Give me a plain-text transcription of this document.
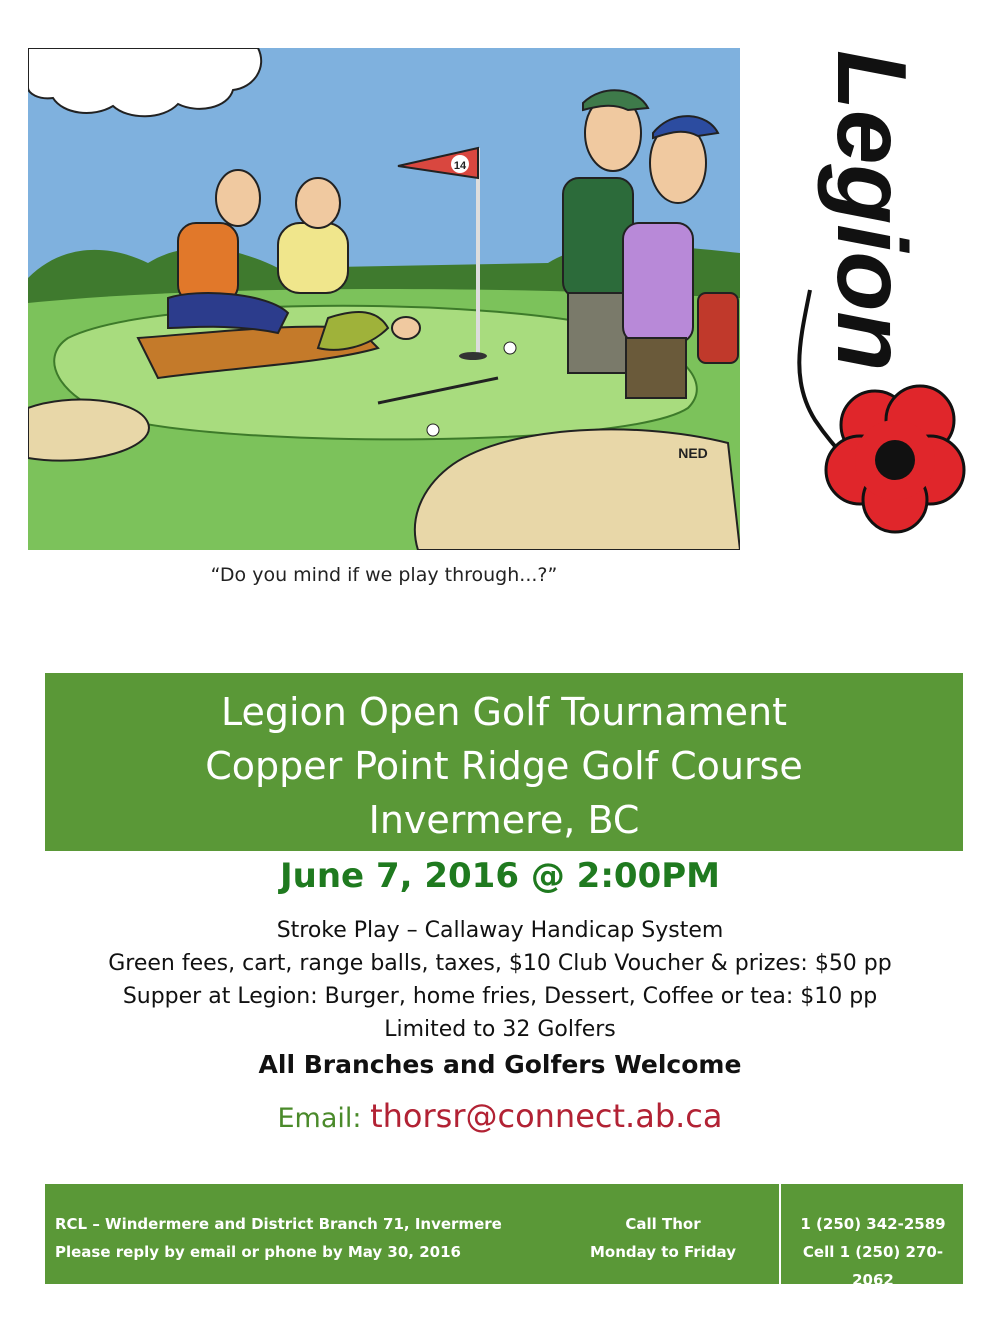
14
NED
“Do you mind if we play through...?”
Legion
Legion Open Golf Tournament
Copper Point Ridge Golf Course
Invermere, BC
June 7, 2016 @ 2:00PM
Stroke Play – Callaway Handicap System
Green fees, cart, range balls, taxes, $10 Club Voucher & prizes: $50 pp
Supper at Legion: Burger, home fries, Dessert, Coffee or tea: $10 pp
Limited to 32 Golfers
All Branches and Golfers Welcome
Email: thorsr@connect.ab.ca
RCL – Windermere and District Branch 71, Invermere
Please reply by email or phone by May 30, 2016
Call Thor
Monday to Friday
1 (250) 342-2589
Cell 1 (250) 270-2062
